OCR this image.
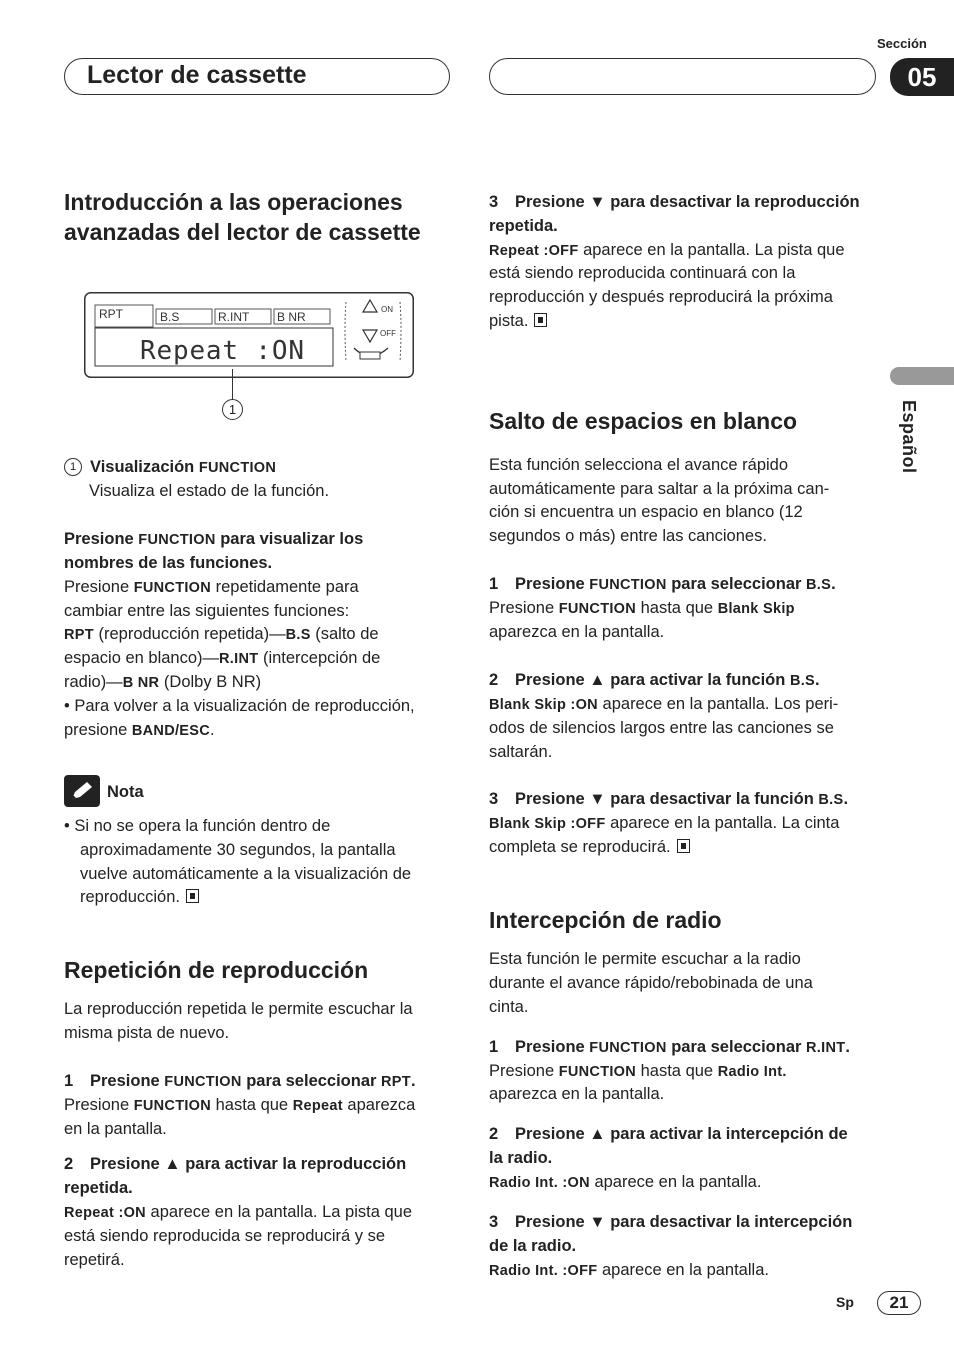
Sección
Lector de cassette	05
Español

Introducción a las operaciones

avanzadas del lector de cassette

RPT	B.S	R.INT B NR
Repeat :ON
ON
OFF
1

1 Visualización FUNCTION

Visualiza el estado de la función.

Presione FUNCTION para visualizar los

nombres de las funciones.

Presione FUNCTION repetidamente para

cambiar entre las siguientes funciones:

RPT (reproducción repetida)—B.S (salto de

espacio en blanco)—R.INT (intercepción de

radio)—B NR (Dolby B NR)

• Para volver a la visualización de reproducción,

presione BAND/ESC.

Nota

• Si no se opera la función dentro de

aproximadamente 30 segundos, la pantalla

vuelve automáticamente a la visualización de

reproducción.

Repetición de reproducción

La reproducción repetida le permite escuchar la

misma pista de nuevo.

1 Presione FUNCTION para seleccionar RPT.

Presione FUNCTION hasta que Repeat aparezca

en la pantalla.

2 Presione ▲ para activar la reproducción

repetida.

Repeat :ON aparece en la pantalla. La pista que

está siendo reproducida se reproducirá y se

repetirá.

3 Presione ▼ para desactivar la reproducción

repetida.

Repeat :OFF aparece en la pantalla. La pista que

está siendo reproducida continuará con la

reproducción y después reproducirá la próxima

pista.

Salto de espacios en blanco

Esta función selecciona el avance rápido

automáticamente para saltar a la próxima can-

ción si encuentra un espacio en blanco (12

segundos o más) entre las canciones.

1 Presione FUNCTION para seleccionar B.S.

Presione FUNCTION hasta que Blank Skip

aparezca en la pantalla.

2 Presione ▲ para activar la función B.S.

Blank Skip :ON aparece en la pantalla. Los peri-

odos de silencios largos entre las canciones se

saltarán.

3 Presione ▼ para desactivar la función B.S.

Blank Skip :OFF aparece en la pantalla. La cinta

completa se reproducirá.

Intercepción de radio

Esta función le permite escuchar a la radio

durante el avance rápido/rebobinada de una

cinta.

1 Presione FUNCTION para seleccionar R.INT.

Presione FUNCTION hasta que Radio Int.

aparezca en la pantalla.

2 Presione ▲ para activar la intercepción de

la radio.

Radio Int. :ON aparece en la pantalla.

3 Presione ▼ para desactivar la intercepción

de la radio.

Radio Int. :OFF aparece en la pantalla.

Sp	21
